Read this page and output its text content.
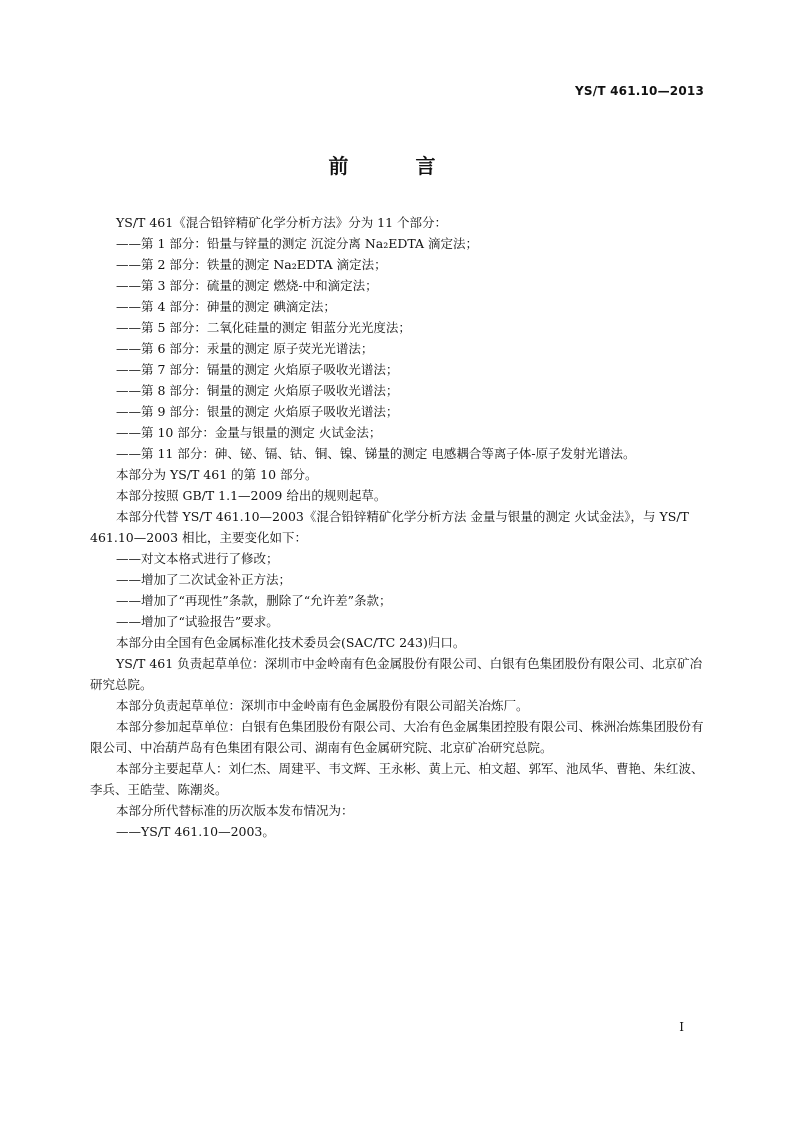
YS/T 461.10—2013
前 言

YS/T 461《混合铅锌精矿化学分析方法》分为 11 个部分：

——第 1 部分：铅量与锌量的测定 沉淀分离 Na₂EDTA 滴定法；

——第 2 部分：铁量的测定 Na₂EDTA 滴定法；

——第 3 部分：硫量的测定 燃烧-中和滴定法；

——第 4 部分：砷量的测定 碘滴定法；

——第 5 部分：二氧化硅量的测定 钼蓝分光光度法；

——第 6 部分：汞量的测定 原子荧光光谱法；

——第 7 部分：镉量的测定 火焰原子吸收光谱法；

——第 8 部分：铜量的测定 火焰原子吸收光谱法；

——第 9 部分：银量的测定 火焰原子吸收光谱法；

——第 10 部分：金量与银量的测定 火试金法；

——第 11 部分：砷、铋、镉、钴、铜、镍、锑量的测定 电感耦合等离子体-原子发射光谱法。

本部分为 YS/T 461 的第 10 部分。

本部分按照 GB/T 1.1—2009 给出的规则起草。

本部分代替 YS/T 461.10—2003《混合铅锌精矿化学分析方法 金量与银量的测定 火试金法》，与 YS/T 461.10—2003 相比，主要变化如下：

——对文本格式进行了修改；

——增加了二次试金补正方法；

——增加了“再现性”条款，删除了“允许差”条款；

——增加了“试验报告”要求。

本部分由全国有色金属标准化技术委员会(SAC/TC 243)归口。

YS/T 461 负责起草单位：深圳市中金岭南有色金属股份有限公司、白银有色集团股份有限公司、北京矿冶研究总院。

本部分负责起草单位：深圳市中金岭南有色金属股份有限公司韶关冶炼厂。

本部分参加起草单位：白银有色集团股份有限公司、大冶有色金属集团控股有限公司、株洲冶炼集团股份有限公司、中冶葫芦岛有色集团有限公司、湖南有色金属研究院、北京矿冶研究总院。

本部分主要起草人：刘仁杰、周建平、韦文辉、王永彬、黄上元、柏文超、郭军、池凤华、曹艳、朱红波、李兵、王皓莹、陈潮炎。

本部分所代替标准的历次版本发布情况为：

——YS/T 461.10—2003。

I
